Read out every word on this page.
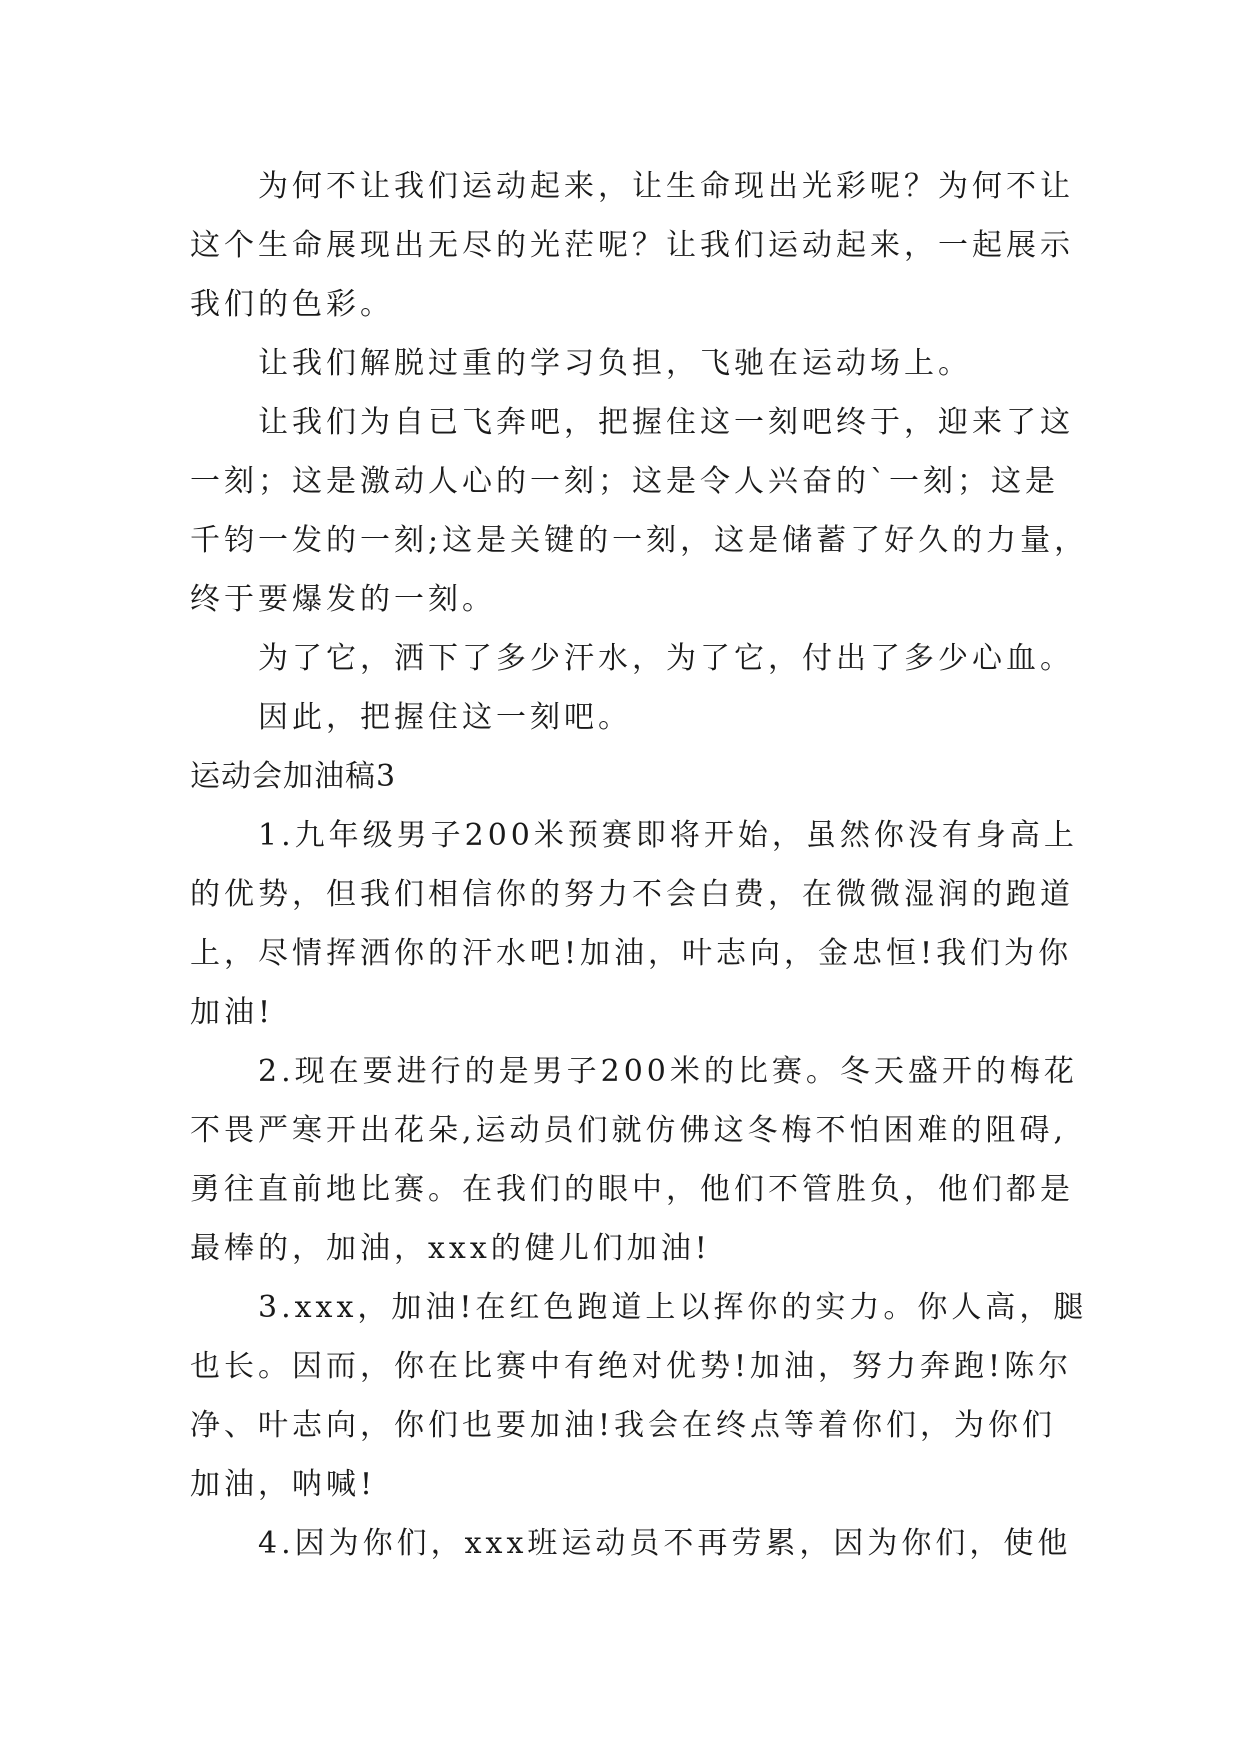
为何不让我们运动起来，让生命现出光彩呢？为何不让
这个生命展现出无尽的光茫呢？让我们运动起来，一起展示
我们的色彩。
让我们解脱过重的学习负担，飞驰在运动场上。
让我们为自已飞奔吧，把握住这一刻吧终于，迎来了这
一刻；这是激动人心的一刻；这是令人兴奋的`一刻；这是
千钧一发的一刻;这是关键的一刻，这是储蓄了好久的力量，
终于要爆发的一刻。
为了它，洒下了多少汗水，为了它，付出了多少心血。
因此，把握住这一刻吧。
运动会加油稿3
1.九年级男子200米预赛即将开始，虽然你没有身高上
的优势，但我们相信你的努力不会白费，在微微湿润的跑道
上，尽情挥洒你的汗水吧!加油，叶志向，金忠恒!我们为你
加油!
2.现在要进行的是男子200米的比赛。冬天盛开的梅花
不畏严寒开出花朵,运动员们就仿佛这冬梅不怕困难的阻碍,
勇往直前地比赛。在我们的眼中，他们不管胜负，他们都是
最棒的，加油，xxx的健儿们加油!
3.xxx，加油!在红色跑道上以挥你的实力。你人高，腿
也长。因而，你在比赛中有绝对优势!加油，努力奔跑!陈尔
净、叶志向，你们也要加油!我会在终点等着你们，为你们
加油，呐喊!
4.因为你们，xxx班运动员不再劳累，因为你们，使他
